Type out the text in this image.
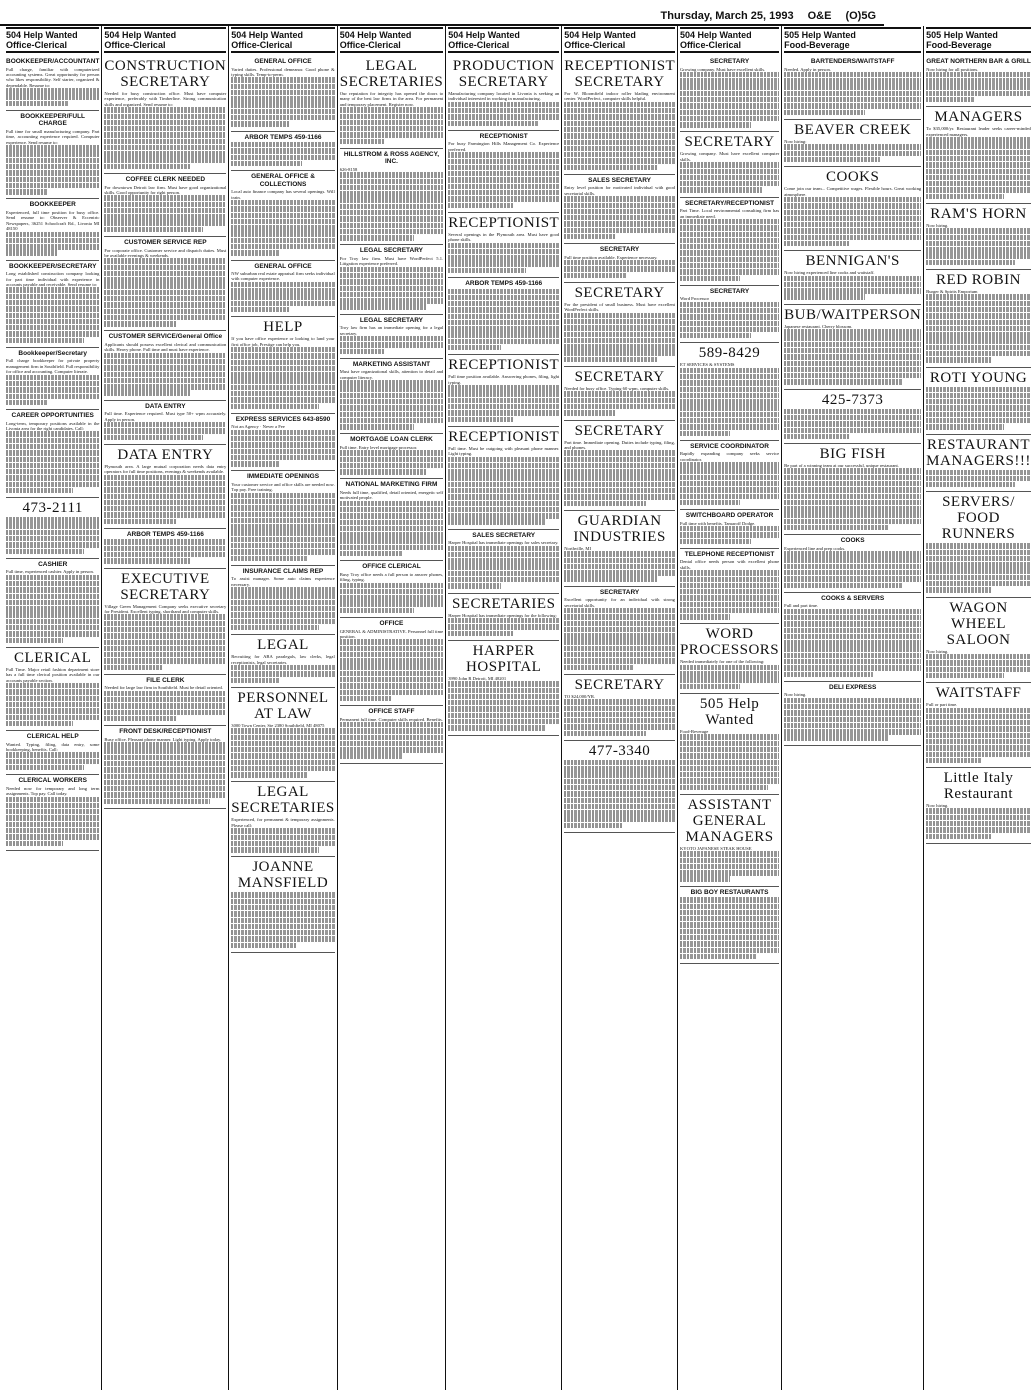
Thursday, March 25, 1993 O&E (O)5G
504 Help Wanted
Office-Clerical
BOOKKEEPER/ACCOUNTANT

Full charge, familiar with computerized accounting systems. Great opportunity for person who likes responsibility. Self starter, organized & dependable. Resume to:

BOOKKEEPER/FULL CHARGE

Full time for small manufacturing company. Part time, accounting experience required. Computer experience. Send resume to:

BOOKKEEPER

Experienced, full time position for busy office. Send resume to: Observer & Eccentric Newspapers, 36251 Schoolcraft Rd., Livonia MI 48150

BOOKKEEPER/SECRETARY

Long established construction company looking for part time individual with experience in accounts payable and receivable. Send resume to:

Bookkeeper/Secretary

Full charge bookkeeper for private property management firm in Southfield. Full responsibility for office and accounting. Computer literate.

CAREER OPPORTUNITIES

Long-term, temporary positions available in the Livonia area for the right candidates. Call:

473-2111
CASHIER

Full time, experienced cashier. Apply in person.

CLERICAL

Full Time. Major retail fashion department store has a full time clerical position available in our accounts payable section.

CLERICAL HELP

Wanted. Typing, filing, data entry, some bookkeeping, benefits. Call:

CLERICAL WORKERS

Needed now for temporary and long term assignments. Top pay. Call today.

504 Help Wanted
Office-Clerical
CONSTRUCTION SECRETARY

Needed for busy construction office. Must have computer experience, preferably with Timberline. Strong communication skills and organized. Send resume to:

COFFEE CLERK NEEDED

For downtown Detroit law firm. Must have good organizational skills. Good opportunity for right person.

CUSTOMER SERVICE REP

For corporate office. Customer service and dispatch duties. Must be available evenings & weekends.

CUSTOMER SERVICE/General Office

Applicants should possess excellent clerical and communication skills. Heavy phone. Full time and must have experience.

DATA ENTRY

Full time. Experience required. Must type 50+ wpm accurately. Apply in person.

DATA ENTRY

Plymouth area. A large mutual corporation needs data entry operators for full time positions, evenings & weekends available.

ARBOR TEMPS 459-1166
EXECUTIVE SECRETARY

Village Green Management Company seeks executive secretary for President. Excellent typing, shorthand and computer skills.

FILE CLERK

Needed for large law firm in Southfield. Must be detail oriented.

FRONT DESK/RECEPTIONIST

Busy office. Pleasant phone manner. Light typing. Apply today.

504 Help Wanted
Office-Clerical
GENERAL OFFICE

Varied duties. Professional demeanor. Good phone & typing skills. Temp-to-perm.

ARBOR TEMPS 459-1166
GENERAL OFFICE & COLLECTIONS

Local auto finance company has several openings. Will train.

GENERAL OFFICE

NW suburban real estate appraisal firm seeks individual with computer experience.

HELP

If you have office experience or looking to land your first office job, Prestige can help you.

EXPRESS SERVICES 643-8590

Not an Agency · Never a Fee

IMMEDIATE OPENINGS

Your customer service and office skills are needed now. Top pay. Free training.

INSURANCE CLAIMS REP

To assist manager. Some auto claims experience necessary.

LEGAL

Recruiting for ABA paralegals, law clerks, legal receptionists, legal secretaries.

PERSONNEL AT LAW

3000 Town Center, Ste 2380 Southfield, MI 48075

LEGAL SECRETARIES

Experienced, for permanent & temporary assignments. Please call:

JOANNE MANSFIELD
504 Help Wanted
Office-Clerical
LEGAL SECRETARIES

Our reputation for integrity has opened the doors to many of the best law firms in the area. For permanent and temporary placement. Register now.

HILLSTROM & ROSS AGENCY, INC.

626-8158

LEGAL SECRETARY

For Troy law firm. Must have WordPerfect 5.1. Litigation experience preferred.

LEGAL SECRETARY

Troy law firm has an immediate opening for a legal secretary.

MARKETING ASSISTANT

Must have organizational skills, attention to detail and computer literacy.

MORTGAGE LOAN CLERK

Full time. Entry level mortgage processor.

NATIONAL MARKETING FIRM

Needs full time, qualified, detail oriented, energetic self motivated people.

OFFICE CLERICAL

Busy Troy office needs a full person to answer phones, filing, typing.

OFFICE

GENERAL & ADMINISTRATIVE. Personnel full time position.

OFFICE STAFF

Permanent full time. Computer skills required. Benefits.

504 Help Wanted
Office-Clerical
PRODUCTION SECRETARY

Manufacturing company located in Livonia is seeking an individual interested in working in manufacturing.

RECEPTIONIST

For busy Farmington Hills Management Co. Experience preferred.

RECEPTIONIST

Several openings in the Plymouth area. Must have good phone skills.

ARBOR TEMPS 459-1166
RECEPTIONIST

Full time position available. Answering phones, filing, light typing.

RECEPTIONIST

Full time. Must be outgoing with pleasant phone manner. Light typing.

SALES SECRETARY

Harper Hospital has immediate openings for sales secretary.

SECRETARIES

Harper Hospital has immediate openings for the following:

HARPER HOSPITAL

3990 John R Detroit, MI 48201

504 Help Wanted
Office-Clerical
RECEPTIONIST SECRETARY

For W. Bloomfield indoor roller blading environment center. WordPerfect, computer skills helpful.

SALES SECRETARY

Entry level position for motivated individual with good secretarial skills.

SECRETARY

Full time position available. Experience necessary.

SECRETARY

For the president of small business. Must have excellent WordPerfect skills.

SECRETARY

Needed for busy office. Typing 60 wpm, computer skills.

SECRETARY

Part time. Immediate opening. Duties include typing, filing, and phones.

GUARDIAN INDUSTRIES

Northville, MI

SECRETARY

Excellent opportunity for an individual with strong secretarial skills.

SECRETARY

TO $24,000/YR.

477-3340
504 Help Wanted
Office-Clerical
SECRETARY

Growing company. Must have excellent skills.

SECRETARY

Growing company. Must have excellent computer skills.

SECRETARY/RECEPTIONIST

Part Time. Local environmental consulting firm has an immediate need.

SECRETARY

Word Processor

589-8429

ET SERVICES & SYSTEMS

SERVICE COORDINATOR

Rapidly expanding company seeks service coordinator.

SWITCHBOARD OPERATOR

Full time with benefits. Tamaroff Dodge.

TELEPHONE RECEPTIONIST

Dental office needs person with excellent phone skills.

WORD PROCESSORS

Needed immediately for one of the following:

505 Help Wanted

Food-Beverage

ASSISTANT GENERAL MANAGERS

KYOTO JAPANESE STEAK HOUSE

BIG BOY RESTAURANTS
505 Help Wanted
Food-Beverage
BARTENDERS/WAITSTAFF

Needed. Apply in person.

BEAVER CREEK

Now hiring:

COOKS

Come join our team... Competitive wages. Flexible hours. Great working atmosphere.

BENNIGAN'S

Now hiring experienced line cooks and waitstaff.

BUB/WAITPERSON

Japanese restaurant. Cherry blossom.

425-7373
BIG FISH

Be part of a winning team at our successful, unique restaurant.

COOKS

Experienced line and prep cooks.

COOKS & SERVERS

Full and part time.

DELI EXPRESS

Now hiring.

505 Help Wanted
Food-Beverage
GREAT NORTHERN BAR & GRILL

Now hiring for all positions.

MANAGERS

To $35,000/yr. Restaurant leader seeks career-minded experienced managers.

RAM'S HORN

Now hiring.

RED ROBIN

Burger & Spirits Emporium

ROTI YOUNG
RESTAURANT MANAGERS!!!
SERVERS/ FOOD RUNNERS
WAGON WHEEL SALOON

Now hiring.

WAITSTAFF

Full or part time.

Little Italy Restaurant

Now hiring.
